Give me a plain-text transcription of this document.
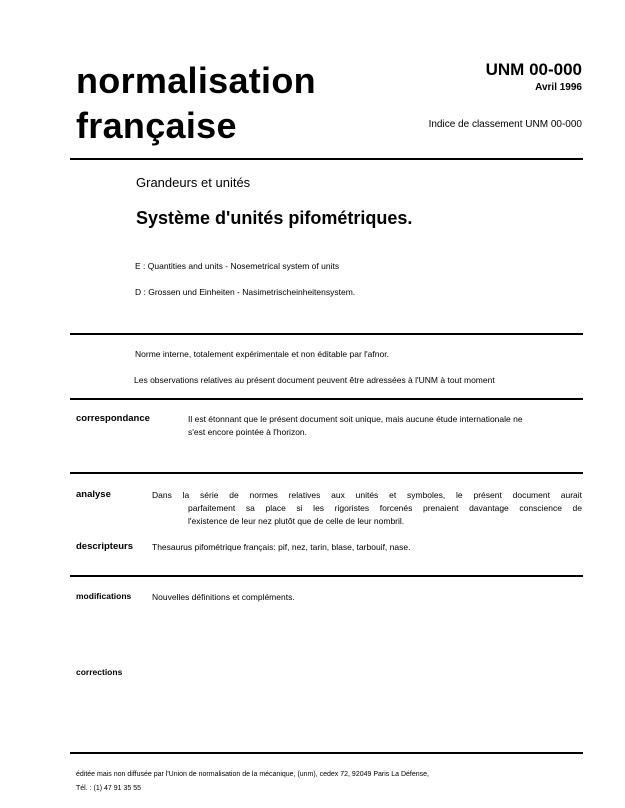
normalisation
française
UNM 00-000
Avril 1996
Indice de classement UNM 00-000
Grandeurs et unités
Système d'unités pifométriques.
E : Quantities and units - Nosemetrical system of units
D : Grossen und Einheiten - Nasimetrischeinheitensystem.
Norme interne, totalement expérimentale et non éditable par l'afnor.
Les observations relatives au présent document peuvent être adressées à l'UNM à tout moment
correspondance	Il est étonnant que le présent document soit unique, mais aucune étude internationale ne
s'est encore pointée à l'horizon.
analyse	Dans la série de normes relatives aux unités et symboles, le présent document aurait
parfaitement sa place si les rigoristes forcenés prenaient davantage conscience de
l'existence de leur nez plutôt que de celle de leur nombril.
descripteurs Thesaurus pifométrique français: pif, nez, tarin, blase, tarbouif, nase.
modifications Nouvelles définitions et compléments.
corrections
éditée mais non diffusée par l'Union de normalisation de la mécanique, (unm), cedex 72, 92049 Paris La Défense,
Tél. : (1) 47 91 35 55
